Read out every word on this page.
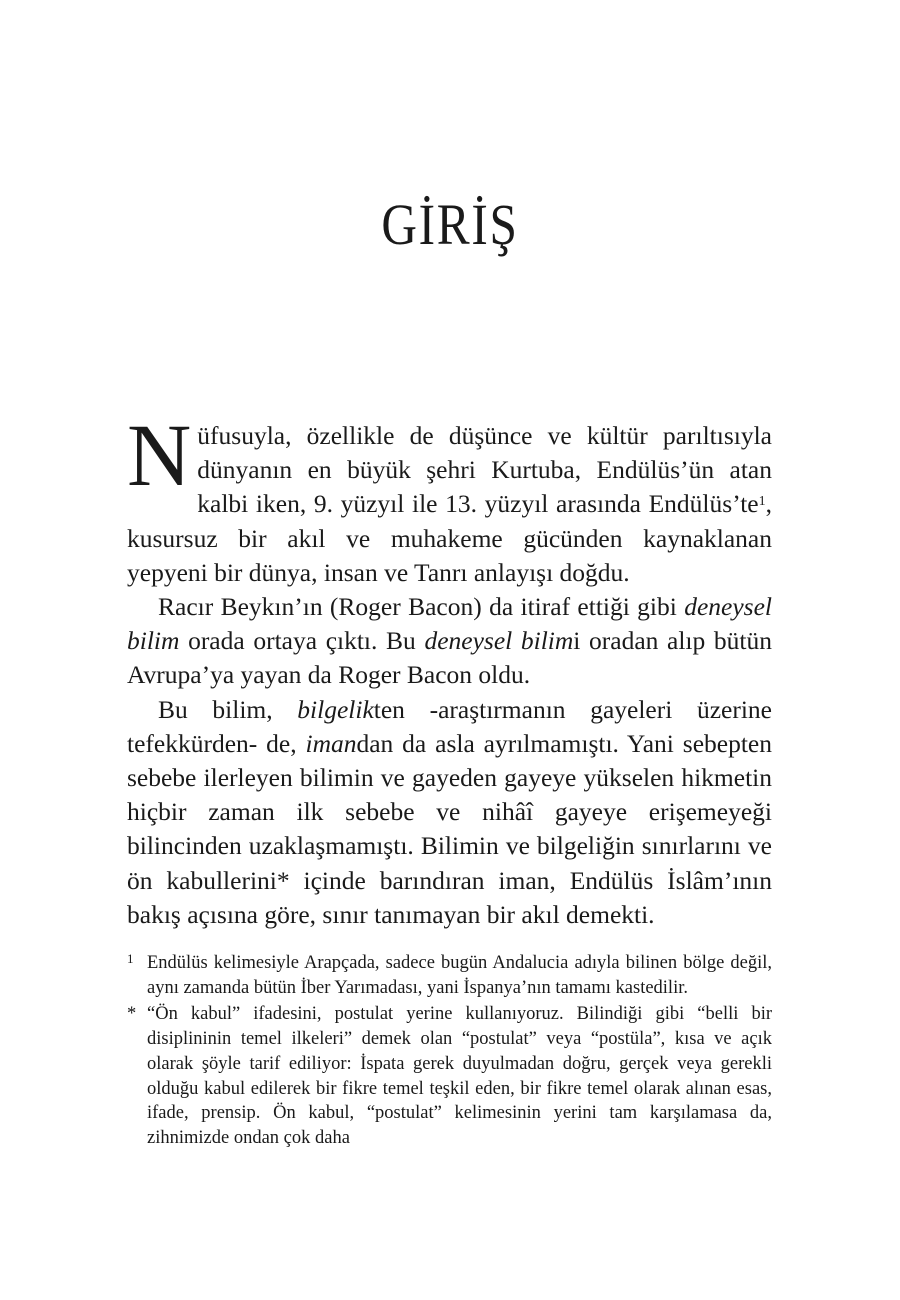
GİRİŞ

Nüfusuyla, özellikle de düşünce ve kültür parıltısıyla dünyanın en büyük şehri Kurtuba, Endülüs’ün atan kalbi iken, 9. yüzyıl ile 13. yüzyıl arasında Endülüs’te$^1$, kusursuz bir akıl ve muhakeme gücünden kaynaklanan yepyeni bir dünya, insan ve Tanrı anlayışı doğdu.

Racır Beykın’ın (Roger Bacon) da itiraf ettiği gibi deneysel bilim orada ortaya çıktı. Bu deneysel bilimi oradan alıp bütün Avrupa’ya yayan da Roger Bacon oldu.

Bu bilim, bilgelikten -araştırmanın gayeleri üzerine tefekkürden- de, imandan da asla ayrılmamıştı. Yani sebepten sebebe ilerleyen bilimin ve gayeden gayeye yükselen hikmetin hiçbir zaman ilk sebebe ve nihâî gayeye erişemeyeği bilincinden uzaklaşmamıştı. Bilimin ve bilgeliğin sınırlarını ve ön kabullerini* içinde barındıran iman, Endülüs İslâm’ının bakış açısına göre, sınır tanımayan bir akıl demekti.

1 Endülüs kelimesiyle Arapçada, sadece bugün Andalucia adıyla bilinen bölge değil, aynı zamanda bütün İber Yarımadası, yani İspanya’nın tamamı kastedilir.
* “Ön kabul” ifadesini, postulat yerine kullanıyoruz. Bilindiği gibi “belli bir disiplininin temel ilkeleri” demek olan “postulat” veya “postüla”, kısa ve açık olarak şöyle tarif ediliyor: İspata gerek duyulmadan doğru, gerçek veya gerekli olduğu kabul edilerek bir fikre temel teşkil eden, bir fikre temel olarak alınan esas, ifade, prensip. Ön kabul, “postulat” kelimesinin yerini tam karşılamasa da, zihnimizde ondan çok daha
